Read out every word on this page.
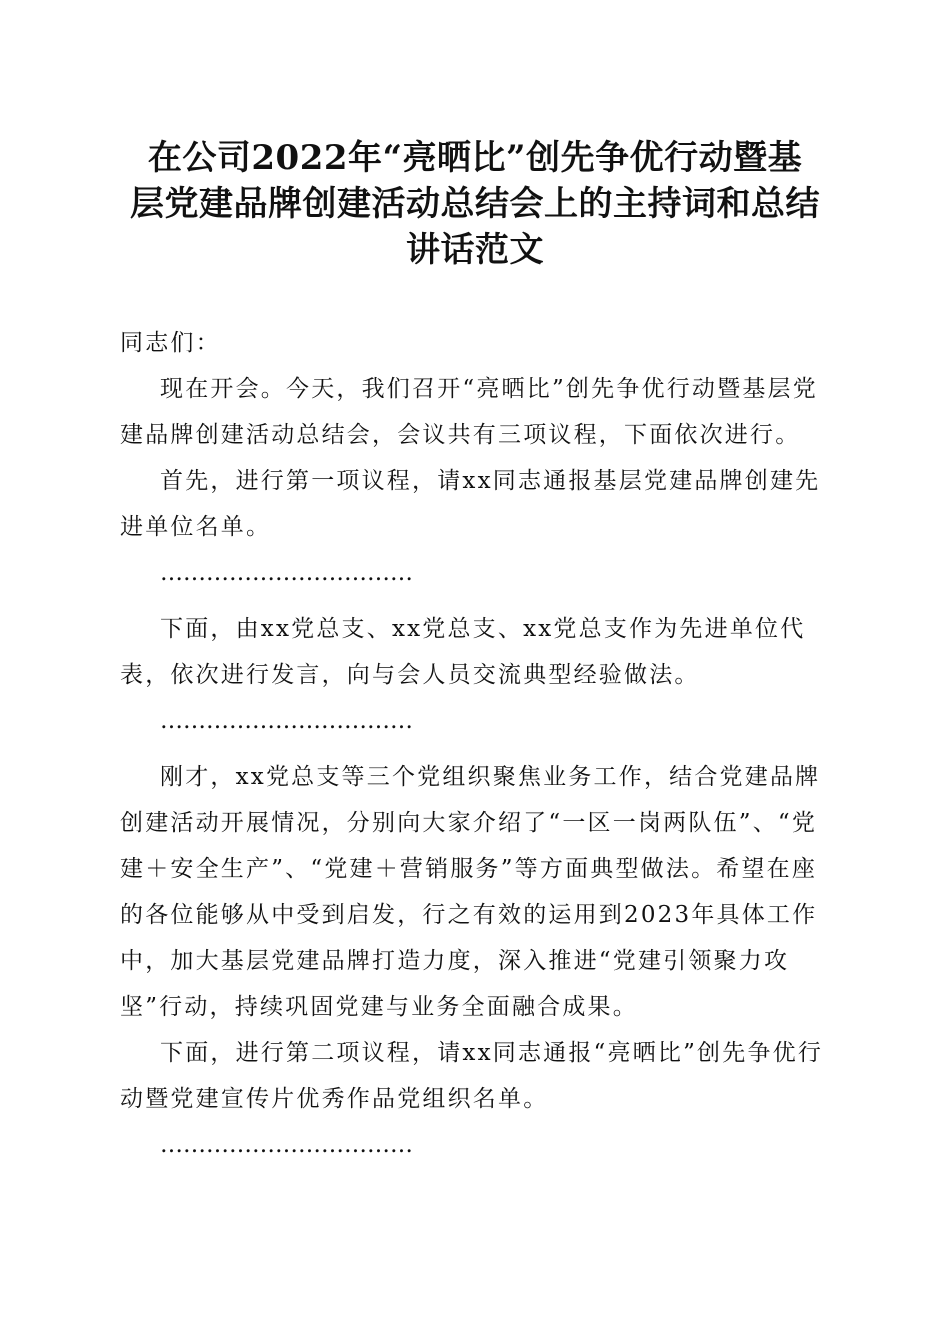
在公司2022年“亮晒比”创先争优行动暨基
层党建品牌创建活动总结会上的主持词和总结
讲话范文

同志们：

现在开会。今天，我们召开“亮晒比”创先争优行动暨基层党建品牌创建活动总结会，会议共有三项议程，下面依次进行。

首先，进行第一项议程，请xx同志通报基层党建品牌创建先进单位名单。

……………………………

下面，由xx党总支、xx党总支、xx党总支作为先进单位代表，依次进行发言，向与会人员交流典型经验做法。

……………………………

刚才，xx党总支等三个党组织聚焦业务工作，结合党建品牌创建活动开展情况，分别向大家介绍了“一区一岗两队伍”、“党建＋安全生产”、“党建＋营销服务”等方面典型做法。希望在座的各位能够从中受到启发，行之有效的运用到2023年具体工作中，加大基层党建品牌打造力度，深入推进“党建引领聚力攻坚”行动，持续巩固党建与业务全面融合成果。

下面，进行第二项议程，请xx同志通报“亮晒比”创先争优行动暨党建宣传片优秀作品党组织名单。

……………………………
